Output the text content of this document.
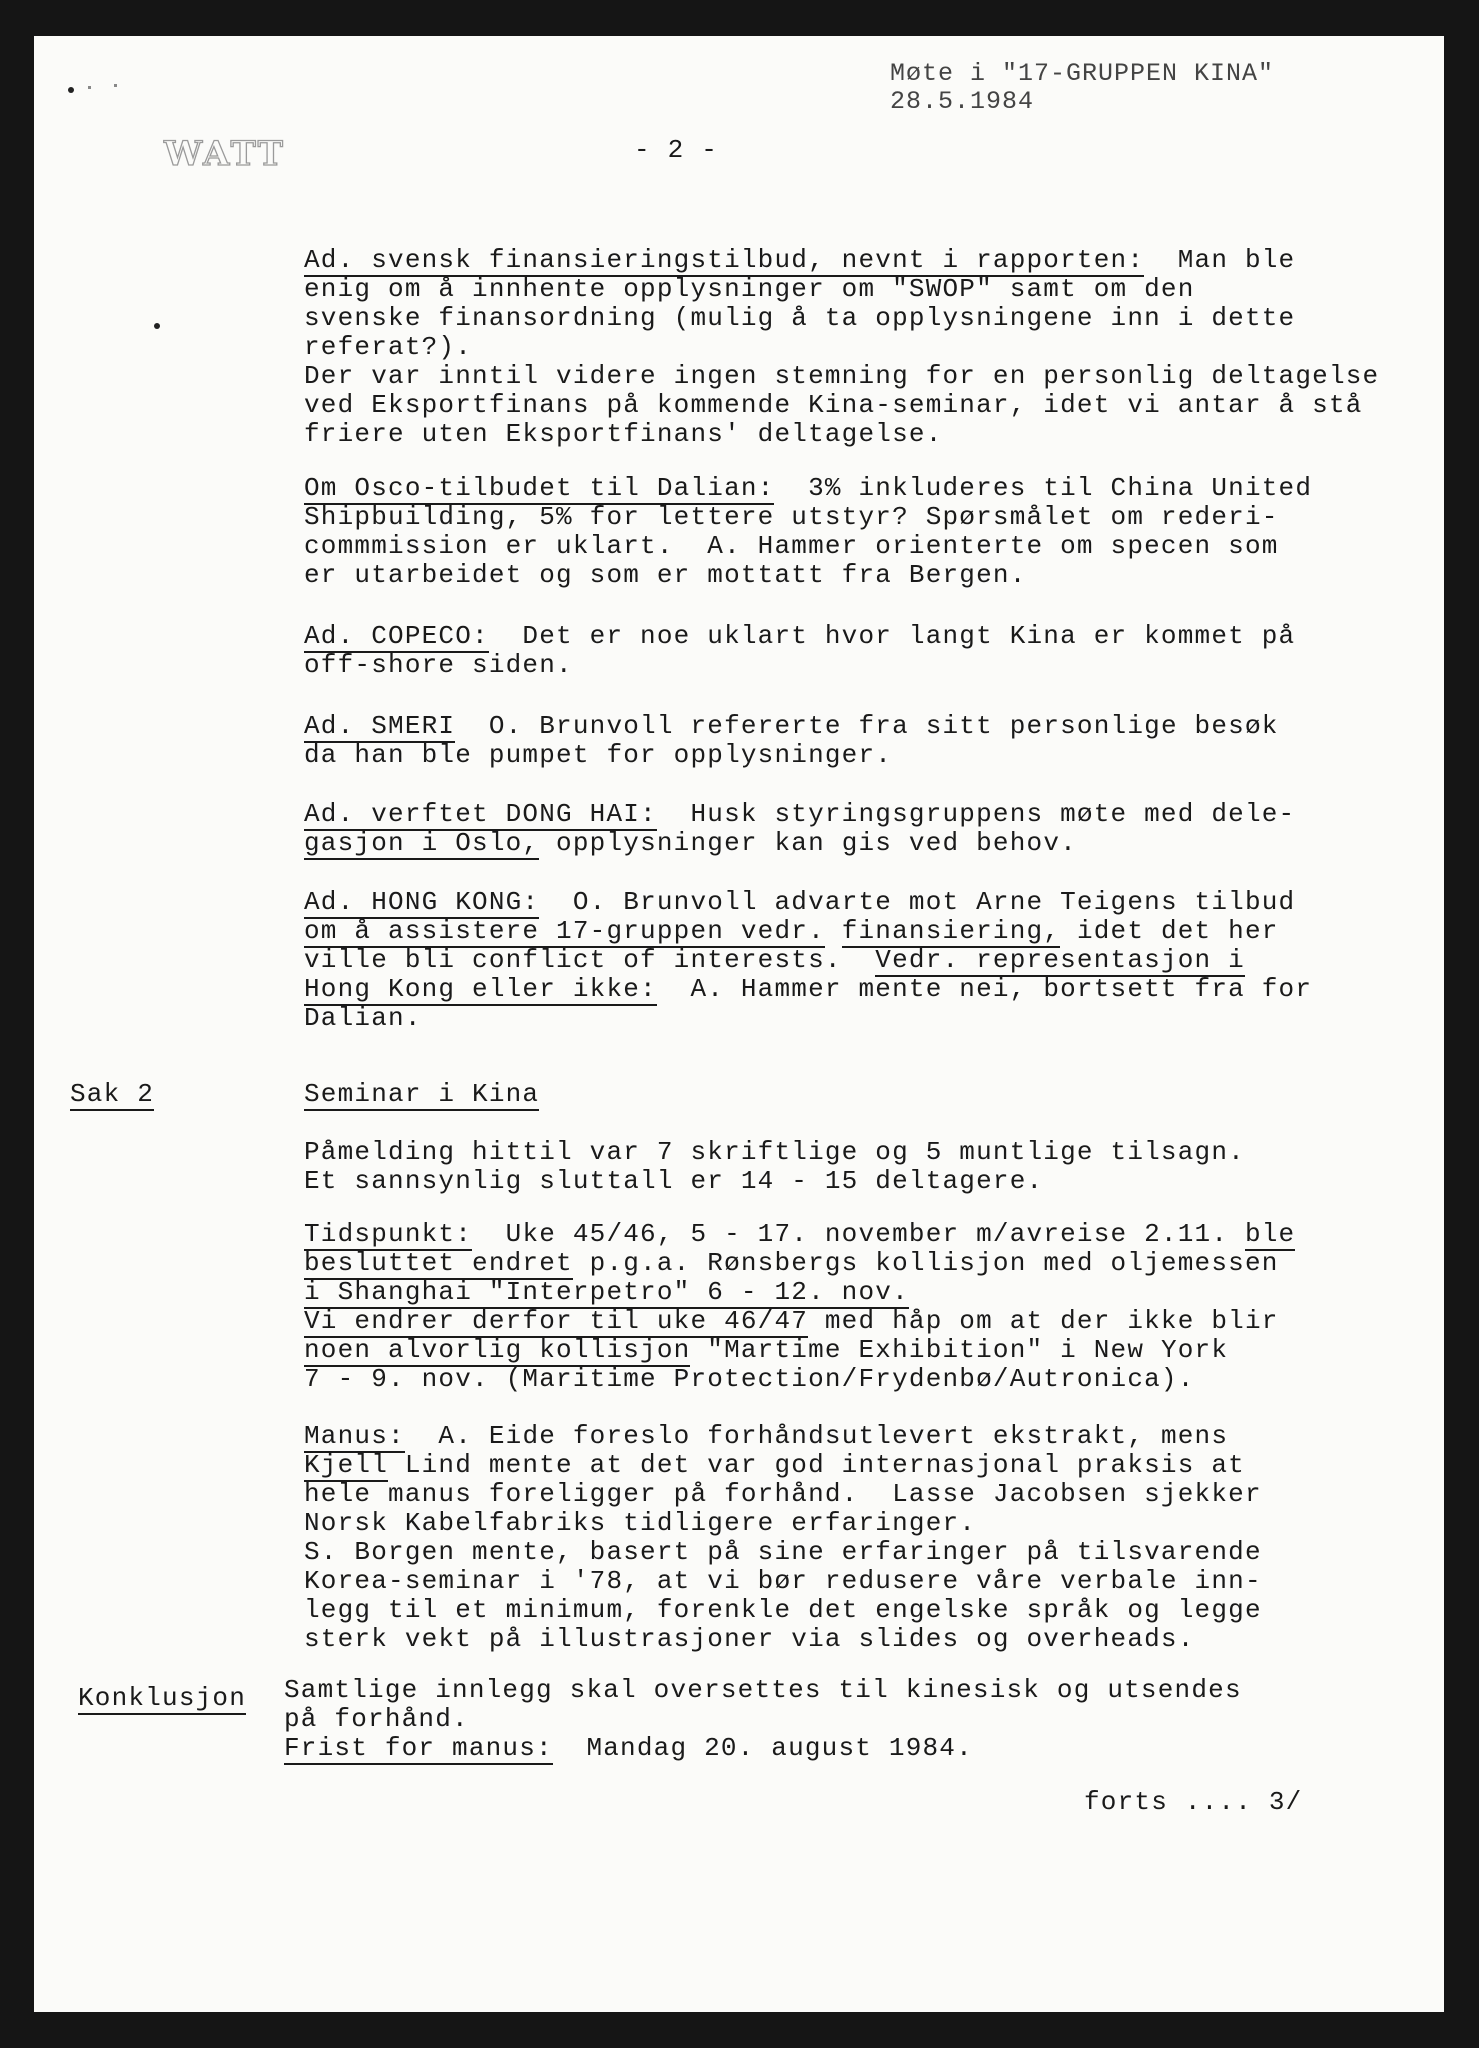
Møte i "17-GRUPPEN KINA"
28.5.1984
WATT	- 2 -
Ad. svensk finansieringstilbud, nevnt i rapporten:  Man ble
enig om å innhente opplysninger om "SWOP" samt om den
svenske finansordning (mulig å ta opplysningene inn i dette
referat?).
Der var inntil videre ingen stemning for en personlig deltagelse
ved Eksportfinans på kommende Kina-seminar, idet vi antar å stå
friere uten Eksportfinans' deltagelse.
Om Osco-tilbudet til Dalian:  3% inkluderes til China United
Shipbuilding, 5% for lettere utstyr? Spørsmålet om rederi-
commmission er uklart.  A. Hammer orienterte om specen som
er utarbeidet og som er mottatt fra Bergen.
Ad. COPECO:  Det er noe uklart hvor langt Kina er kommet på
off-shore siden.
Ad. SMERI  O. Brunvoll refererte fra sitt personlige besøk
da han ble pumpet for opplysninger.
Ad. verftet DONG HAI:  Husk styringsgruppens møte med dele-
gasjon i Oslo, opplysninger kan gis ved behov.
Ad. HONG KONG:  O. Brunvoll advarte mot Arne Teigens tilbud
om å assistere 17-gruppen vedr. finansiering, idet det her
ville bli conflict of interests.  Vedr. representasjon i
Hong Kong eller ikke:  A. Hammer mente nei, bortsett fra for
Dalian.
Sak 2	Seminar i Kina
Påmelding hittil var 7 skriftlige og 5 muntlige tilsagn.
Et sannsynlig sluttall er 14 - 15 deltagere.
Tidspunkt:  Uke 45/46, 5 - 17. november m/avreise 2.11. ble
besluttet endret p.g.a. Rønsbergs kollisjon med oljemessen
i Shanghai "Interpetro" 6 - 12. nov.
Vi endrer derfor til uke 46/47 med håp om at der ikke blir
noen alvorlig kollisjon "Martime Exhibition" i New York
7 - 9. nov. (Maritime Protection/Frydenbø/Autronica).
Manus:  A. Eide foreslo forhåndsutlevert ekstrakt, mens
Kjell Lind mente at det var god internasjonal praksis at
hele manus foreligger på forhånd.  Lasse Jacobsen sjekker
Norsk Kabelfabriks tidligere erfaringer.
S. Borgen mente, basert på sine erfaringer på tilsvarende
Korea-seminar i '78, at vi bør redusere våre verbale inn-
legg til et minimum, forenkle det engelske språk og legge
sterk vekt på illustrasjoner via slides og overheads.
Konklusjon Samtlige innlegg skal oversettes til kinesisk og utsendes
på forhånd.
Frist for manus:  Mandag 20. august 1984.
forts .... 3/
